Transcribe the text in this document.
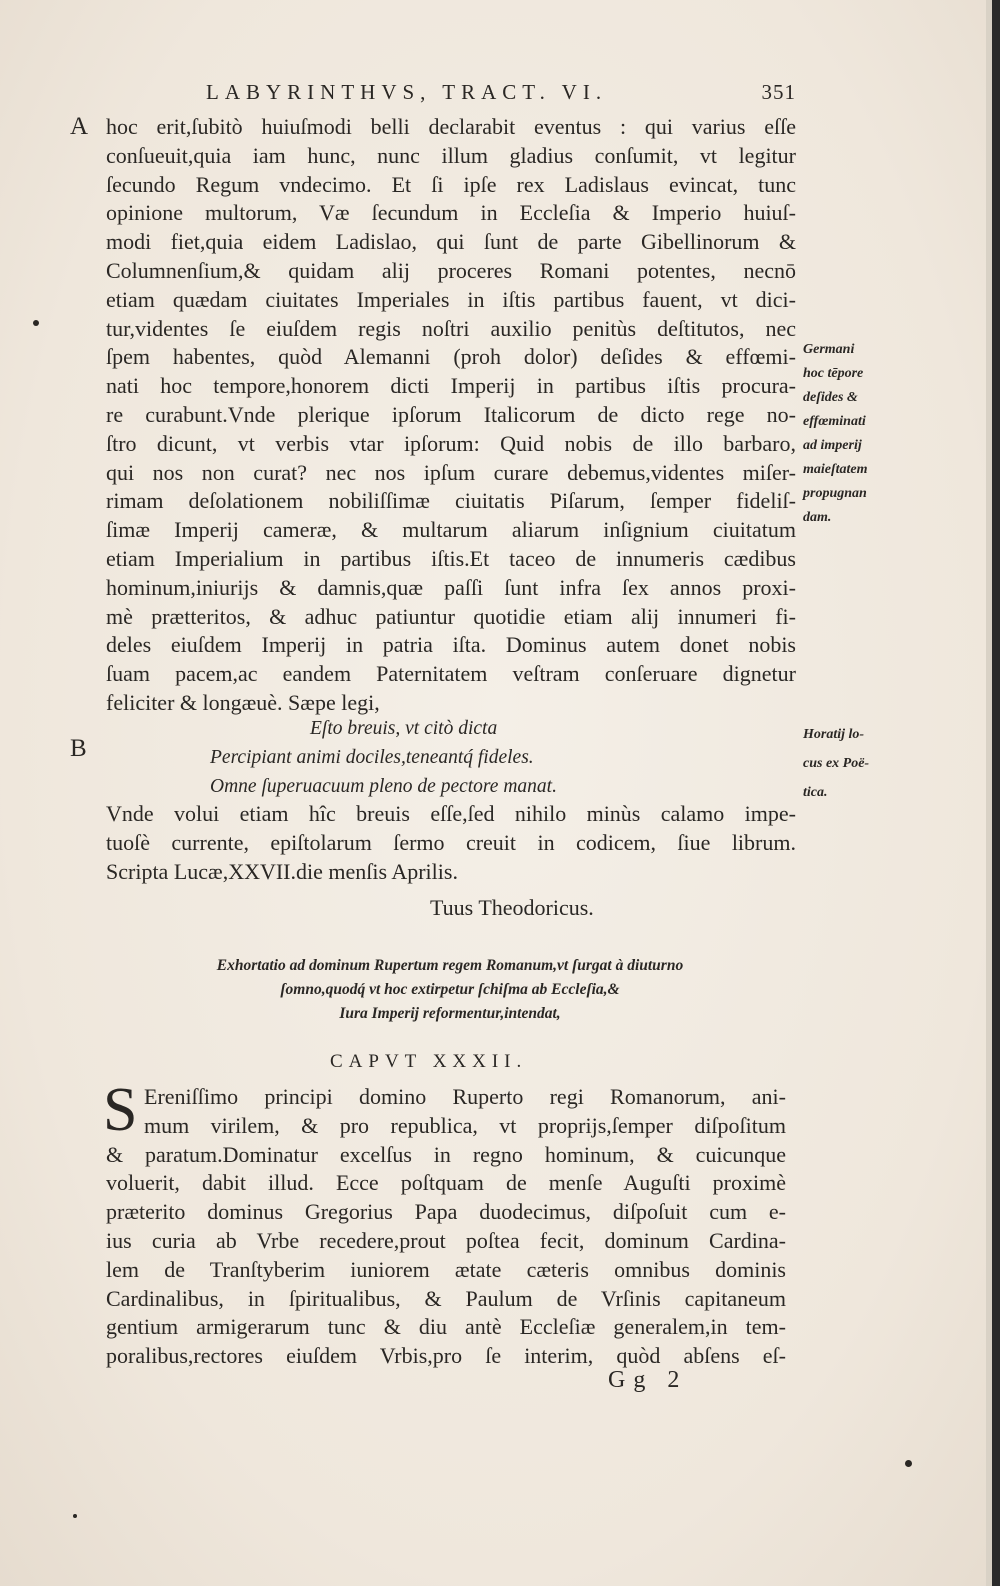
LABYRINTHVS, TRACT. VI.	351
A
B
hoc erit,ſubitò huiuſmodi belli declarabit eventus : qui varius eſſe
conſueuit,quia iam hunc, nunc illum gladius conſumit, vt legitur
ſecundo Regum vndecimo. Et ſi ipſe rex Ladislaus evincat, tunc
opinione multorum, Væ ſecundum in Eccleſia & Imperio huiuſ-
modi fiet,quia eidem Ladislao, qui ſunt de parte Gibellinorum &
Columnenſium,& quidam alij proceres Romani potentes, necnō
etiam quædam ciuitates Imperiales in iſtis partibus fauent, vt dici-
tur,videntes ſe eiuſdem regis noſtri auxilio penitùs deſtitutos, nec
ſpem habentes, quòd Alemanni (proh dolor) deſides & effœmi-
nati hoc tempore,honorem dicti Imperij in partibus iſtis procura-
re curabunt.Vnde plerique ipſorum Italicorum de dicto rege no-
ſtro dicunt, vt verbis vtar ipſorum: Quid nobis de illo barbaro,
qui nos non curat? nec nos ipſum curare debemus,videntes miſer-
rimam deſolationem nobiliſſimæ ciuitatis Piſarum, ſemper fideliſ-
ſimæ Imperij cameræ, & multarum aliarum inſignium ciuitatum
etiam Imperialium in partibus iſtis.Et taceo de innumeris cædibus
hominum,iniurijs & damnis,quæ paſſi ſunt infra ſex annos proxi-
mè prætteritos, & adhuc patiuntur quotidie etiam alij innumeri fi-
deles eiuſdem Imperij in patria iſta. Dominus autem donet nobis
ſuam pacem,ac eandem Paternitatem veſtram conſeruare dignetur
feliciter & longæuè. Sæpe legi,
Eſto breuis, vt citò dicta
Percipiant animi dociles,teneantq́ fideles.
Omne ſuperuacuum pleno de pectore manat.
Vnde volui etiam hîc breuis eſſe,ſed nihilo minùs calamo impe-
tuoſè currente, epiſtolarum ſermo creuit in codicem, ſiue librum.
Scripta Lucæ,XXVII.die menſis Aprilis.
Tuus Theodoricus.
Exhortatio ad dominum Rupertum regem Romanum,vt ſurgat à diuturno
ſomno,quodq́ vt hoc extirpetur ſchiſma ab Eccleſia,&
Iura Imperij reformentur,intendat,
CAPVT XXXII.
S Ereniſſimo principi domino Ruperto regi Romanorum, ani-
mum virilem, & pro republica, vt proprijs,ſemper diſpoſitum
& paratum.Dominatur excelſus in regno hominum, & cuicunque
voluerit, dabit illud. Ecce poſtquam de menſe Auguſti proximè
præterito dominus Gregorius Papa duodecimus, diſpoſuit cum e-
ius curia ab Vrbe recedere,prout poſtea fecit, dominum Cardina-
lem de Tranſtyberim iuniorem ætate cæteris omnibus dominis
Cardinalibus, in ſpiritualibus, & Paulum de Vrſinis capitaneum
gentium armigerarum tunc & diu antè Eccleſiæ generalem,in tem-
poralibus,rectores eiuſdem Vrbis,pro ſe interim, quòd abſens eſ-
Gg 2
Germani
hoc tēpore
deſides &
effœminati
ad imperij
maieſtatem
propugnan
dam.
Horatij lo-
cus ex Poë-
tica.
